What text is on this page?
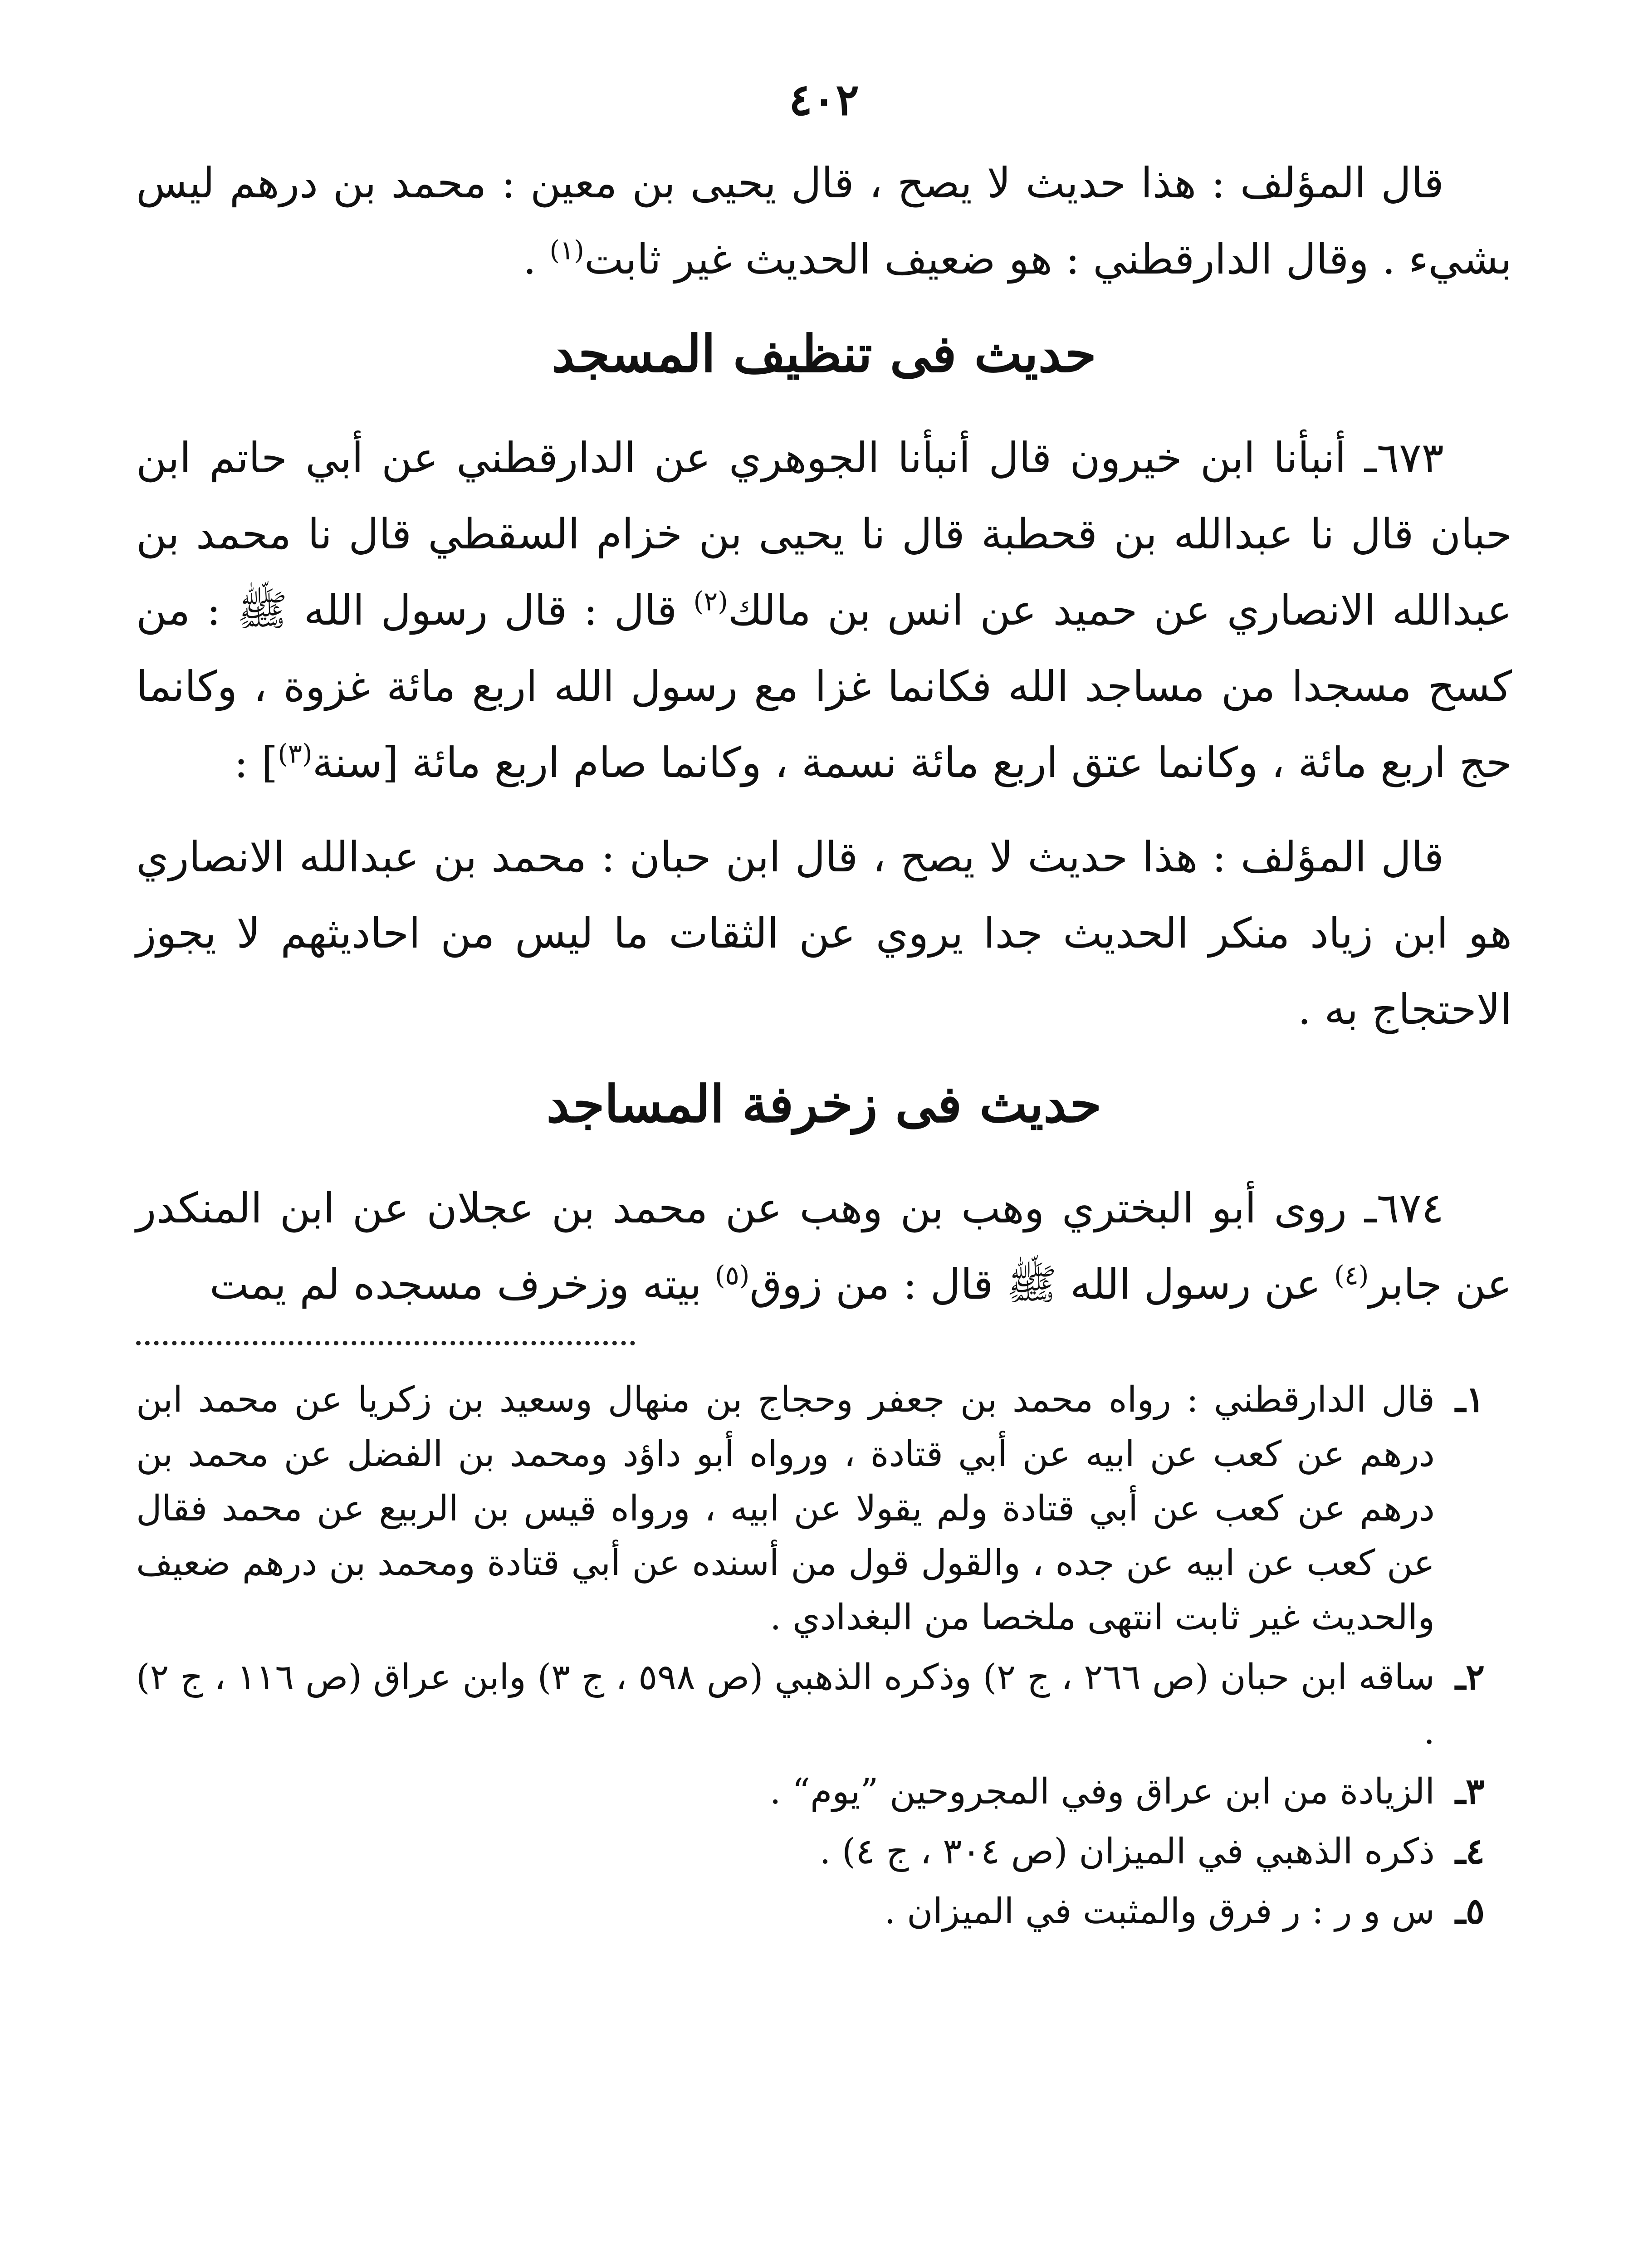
٤٠٢

قال المؤلف : هذا حديث لا يصح ، قال يحيى بن معين : محمد بن درهم ليس بشيء . وقال الدارقطني : هو ضعيف الحديث غير ثابت$^{(١)}$ .

حديث فى تنظيف المسجد

٦٧٣ـ أنبأنا ابن خيرون قال أنبأنا الجوهري عن الدارقطني عن أبي حاتم ابن حبان قال نا عبدالله بن قحطبة قال نا يحيى بن خزام السقطي قال نا محمد بن عبدالله الانصاري عن حميد عن انس بن مالك$^{(٢)}$ قال : قال رسول الله ﷺ : من كسح مسجدا من مساجد الله فكانما غزا مع رسول الله اربع مائة غزوة ، وكانما حج اربع مائة ، وكانما عتق اربع مائة نسمة ، وكانما صام اربع مائة [سنة$^{(٣)}$] :

قال المؤلف : هذا حديث لا يصح ، قال ابن حبان : محمد بن عبدالله الانصاري هو ابن زياد منكر الحديث جدا يروي عن الثقات ما ليس من احاديثهم لا يجوز الاحتجاج به .

حديث فى زخرفة المساجد

٦٧٤ـ روى أبو البختري وهب بن وهب عن محمد بن عجلان عن ابن المنكدر عن جابر$^{(٤)}$ عن رسول الله ﷺ قال : من زوق$^{(٥)}$ بيته وزخرف مسجده لم يمت

١ـ
قال الدارقطني : رواه محمد بن جعفر وحجاج بن منهال وسعيد بن زكريا عن محمد ابن درهم عن كعب عن ابيه عن أبي قتادة ، ورواه أبو داؤد ومحمد بن الفضل عن محمد بن درهم عن كعب عن أبي قتادة ولم يقولا عن ابيه ، ورواه قيس بن الربيع عن محمد فقال عن كعب عن ابيه عن جده ، والقول قول من أسنده عن أبي قتادة ومحمد بن درهم ضعيف والحديث غير ثابت انتهى ملخصا من البغدادي .
٢ـ
ساقه ابن حبان (ص ٢٦٦ ، ج ٢) وذكره الذهبي (ص ٥٩٨ ، ج ٣) وابن عراق (ص ١١٦ ، ج ٢) .
٣ـ
الزيادة من ابن عراق وفي المجروحين ”يوم“ .
٤ـ
ذكره الذهبي في الميزان (ص ٣٠٤ ، ج ٤) .
٥ـ
س و ر : ر فرق والمثبت في الميزان .
